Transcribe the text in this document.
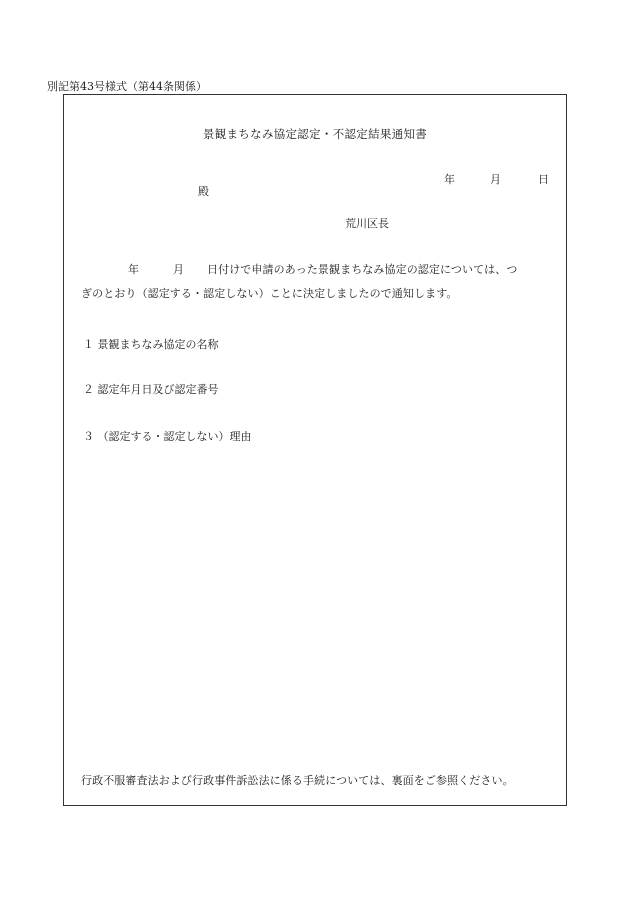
別記第43号様式（第44条関係）
景観まちなみ協定認定・不認定結果通知書
年	月	日
殿
荒川区長
年	月 日付けで申請のあった景観まちなみ協定の認定については、つ
ぎのとおり（認定する・認定しない）ことに決定しましたので通知します。
１ 景観まちなみ協定の名称
２ 認定年月日及び認定番号
３ （認定する・認定しない）理由
行政不服審査法および行政事件訴訟法に係る手続については、裏面をご参照ください。
